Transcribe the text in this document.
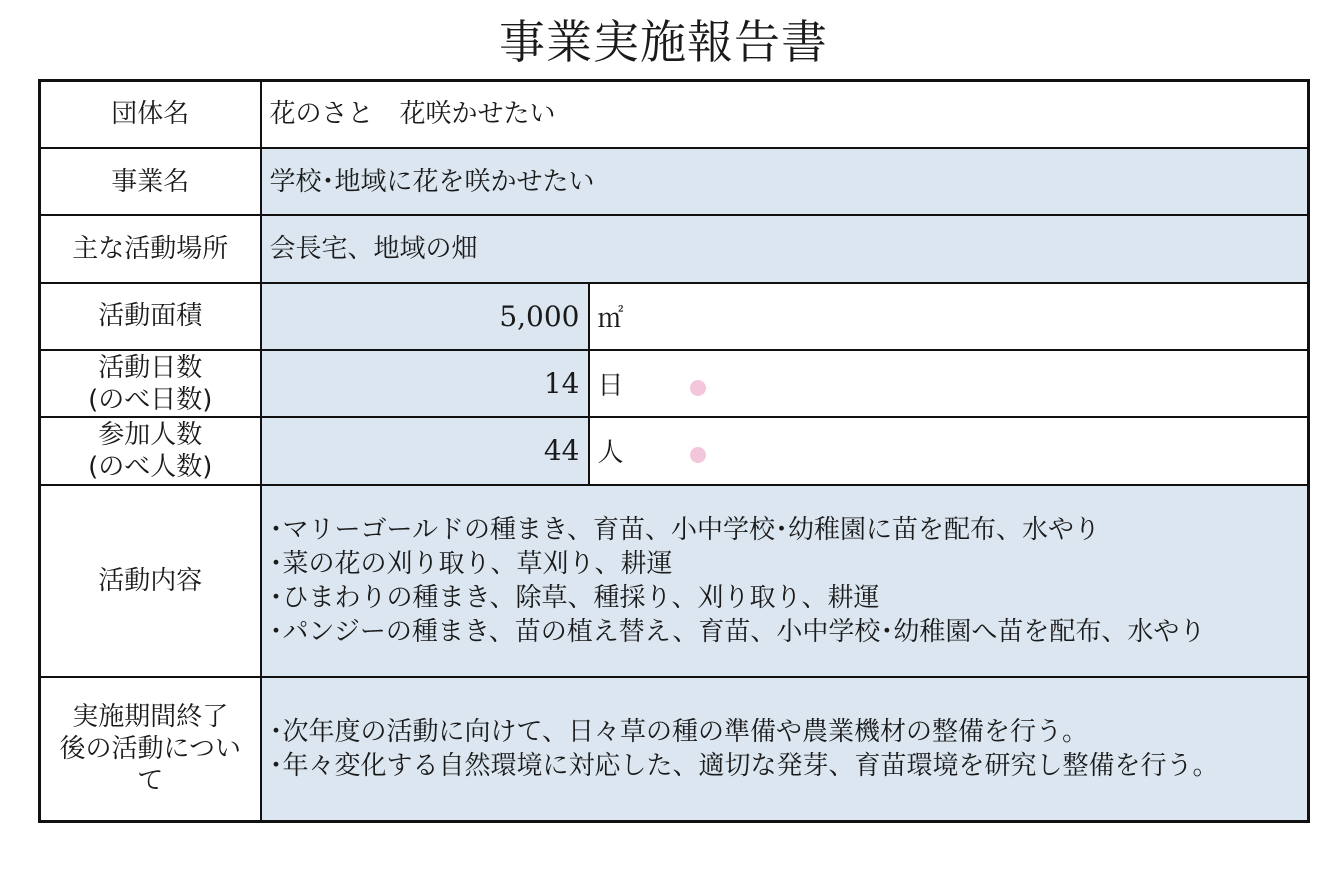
事業実施報告書
団体名	花のさと　花咲かせたい	
事業名	学校･地域に花を咲かせたい	
主な活動場所	会長宅、地域の畑	
活動面積	5,000	㎡

活動日数
(のべ日数)	14	日

参加人数
(のべ人数)	44	人

活動内容	･マリーゴールドの種まき、育苗、小中学校･幼稚園に苗を配布、水やり
･菜の花の刈り取り、草刈り、耕運
･ひまわりの種まき、除草、種採り、刈り取り、耕運
･パンジーの種まき、苗の植え替え、育苗、小中学校･幼稚園へ苗を配布、水やり	

実施期間終了
後の活動につい
て	･次年度の活動に向けて、日々草の種の準備や農業機材の整備を行う。
･年々変化する自然環境に対応した、適切な発芽、育苗環境を研究し整備を行う。	
